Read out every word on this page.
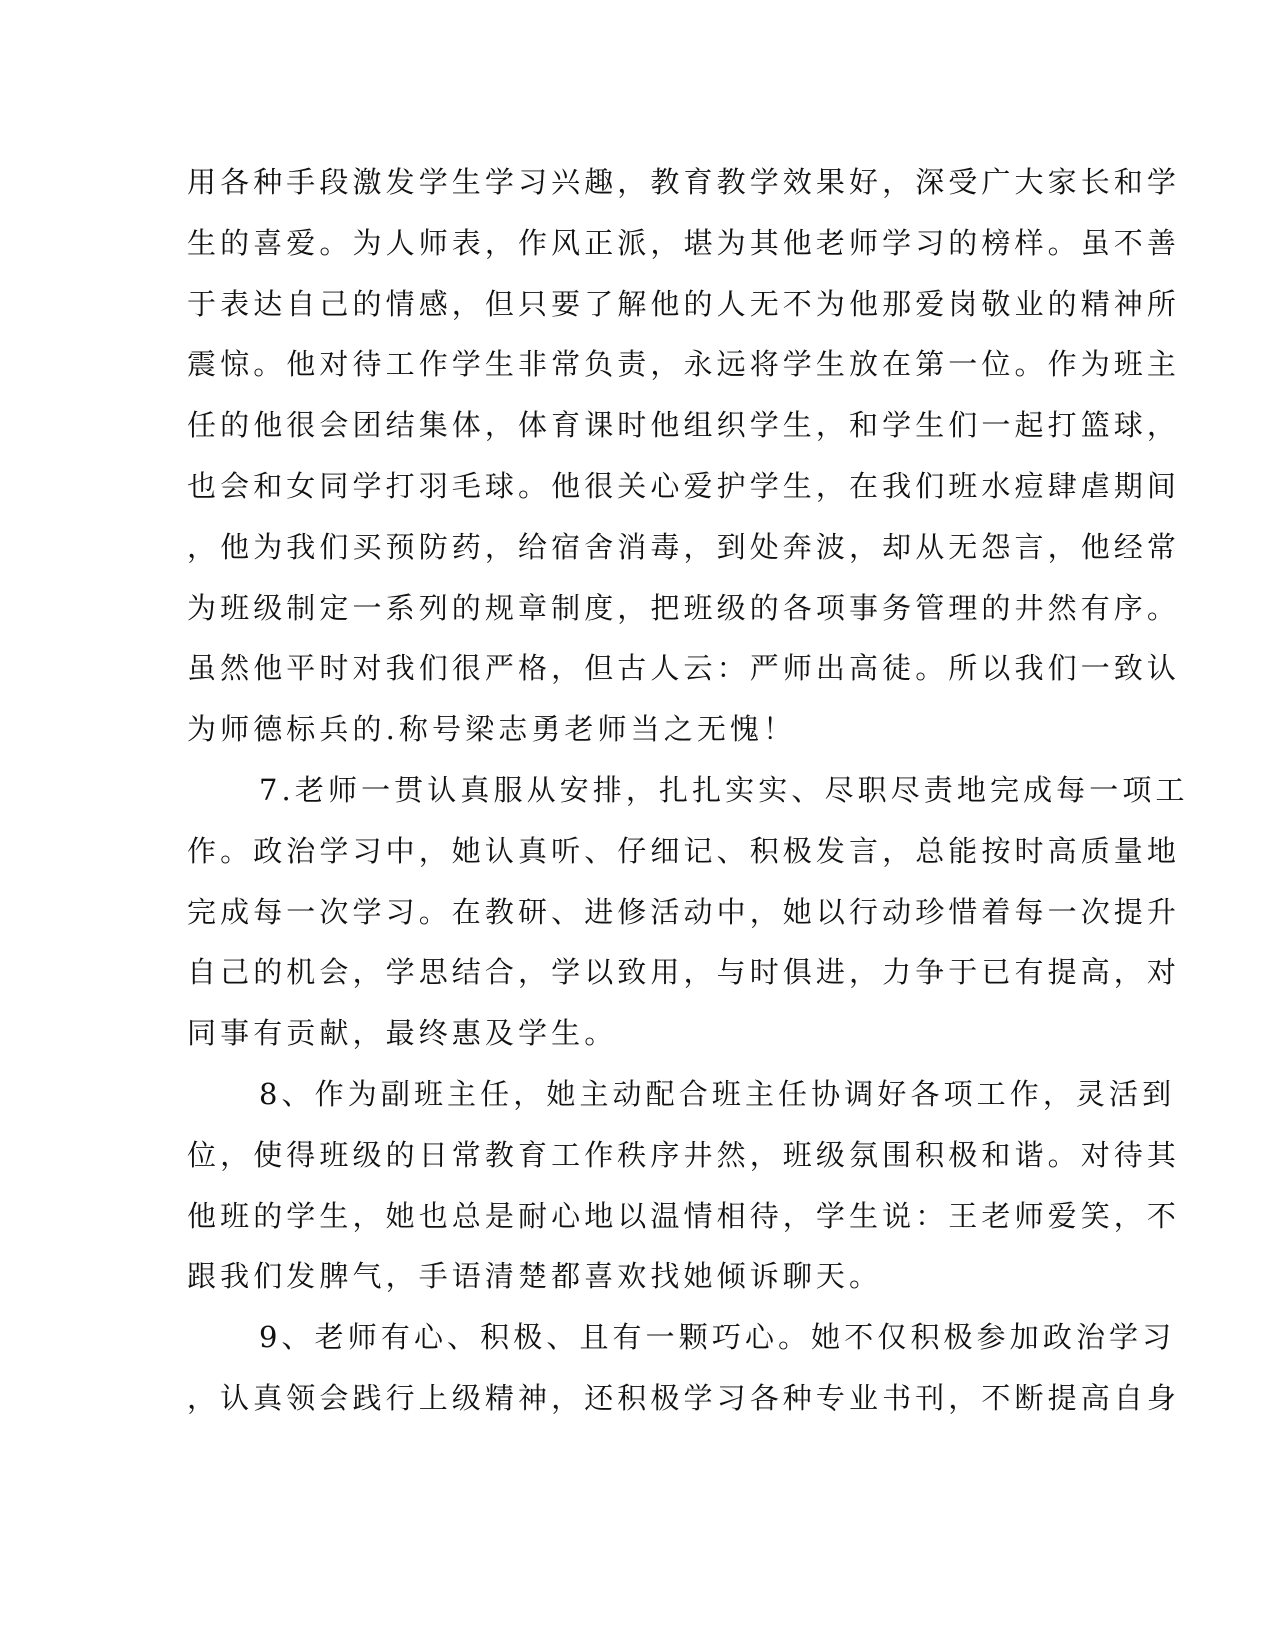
用各种手段激发学生学习兴趣，教育教学效果好，深受广大家长和学
生的喜爱。为人师表，作风正派，堪为其他老师学习的榜样。虽不善
于表达自己的情感，但只要了解他的人无不为他那爱岗敬业的精神所
震惊。他对待工作学生非常负责，永远将学生放在第一位。作为班主
任的他很会团结集体，体育课时他组织学生，和学生们一起打篮球，
也会和女同学打羽毛球。他很关心爱护学生，在我们班水痘肆虐期间
，他为我们买预防药，给宿舍消毒，到处奔波，却从无怨言，他经常
为班级制定一系列的规章制度，把班级的各项事务管理的井然有序。
虽然他平时对我们很严格，但古人云：严师出高徒。所以我们一致认
为师德标兵的.称号梁志勇老师当之无愧！
7.老师一贯认真服从安排，扎扎实实、尽职尽责地完成每一项工
作。政治学习中，她认真听、仔细记、积极发言，总能按时高质量地
完成每一次学习。在教研、进修活动中，她以行动珍惜着每一次提升
自己的机会，学思结合，学以致用，与时俱进，力争于已有提高，对
同事有贡献，最终惠及学生。
8、作为副班主任，她主动配合班主任协调好各项工作，灵活到
位，使得班级的日常教育工作秩序井然，班级氛围积极和谐。对待其
他班的学生，她也总是耐心地以温情相待，学生说：王老师爱笑，不
跟我们发脾气，手语清楚都喜欢找她倾诉聊天。
9、老师有心、积极、且有一颗巧心。她不仅积极参加政治学习
，认真领会践行上级精神，还积极学习各种专业书刊，不断提高自身
